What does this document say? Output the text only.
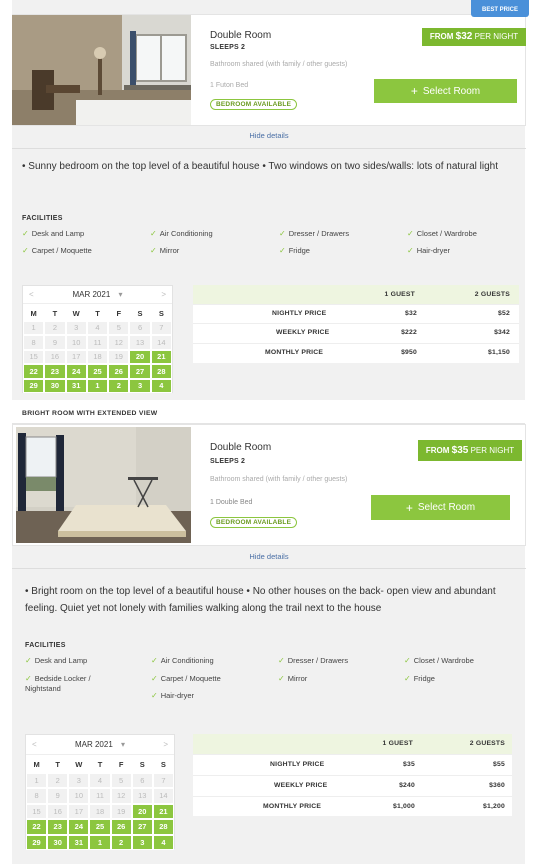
BEST PRICE
Double Room
SLEEPS 2
Bathroom shared (with family / other guests)
1 Futon Bed
BEDROOM AVAILABLE
FROM $32 PER NIGHT
+ Select Room
Hide details
• Sunny bedroom on the top level of a beautiful house • Two windows on two sides/walls: lots of natural light
FACILITIES
✓ Desk and Lamp	✓ Air Conditioning	✓ Dresser / Drawers	✓ Closet / Wardrobe
✓ Carpet / Moquette	✓ Mirror	✓ Fridge	✓ Hair-dryer
<	MAR 2021 ▾	>
M	T	W	T	F	S	S
1	2	3	4	5	6	7
8	9	10	11	12	13	14
15	16	17	18	19	20	21
22	23	24	25	26	27	28
29	30	31	1	2	3	4
1 GUEST	2 GUESTS
NIGHTLY PRICE	$32	$52
WEEKLY PRICE	$222	$342
MONTHLY PRICE	$950	$1,150
BRIGHT ROOM WITH EXTENDED VIEW
Double Room
SLEEPS 2
Bathroom shared (with family / other guests)
1 Double Bed
BEDROOM AVAILABLE
FROM $35 PER NIGHT
+ Select Room
Hide details
• Bright room on the top level of a beautiful house • No other houses on the back- open view and abundant feeling. Quiet yet not lonely with families walking along the trail next to the house
FACILITIES
✓ Desk and Lamp	✓ Air Conditioning	✓ Dresser / Drawers	✓ Closet / Wardrobe
✓ Bedside Locker / Nightstand
✓ Carpet / Moquette	✓ Mirror	✓ Fridge
✓ Hair-dryer
<	MAR 2021 ▾	>
M	T	W	T	F	S	S
1	2	3	4	5	6	7
8	9	10	11	12	13	14
15	16	17	18	19	20	21
22	23	24	25	26	27	28
29	30	31	1	2	3	4
1 GUEST	2 GUESTS
NIGHTLY PRICE	$35	$55
WEEKLY PRICE	$240	$360
MONTHLY PRICE	$1,000	$1,200
